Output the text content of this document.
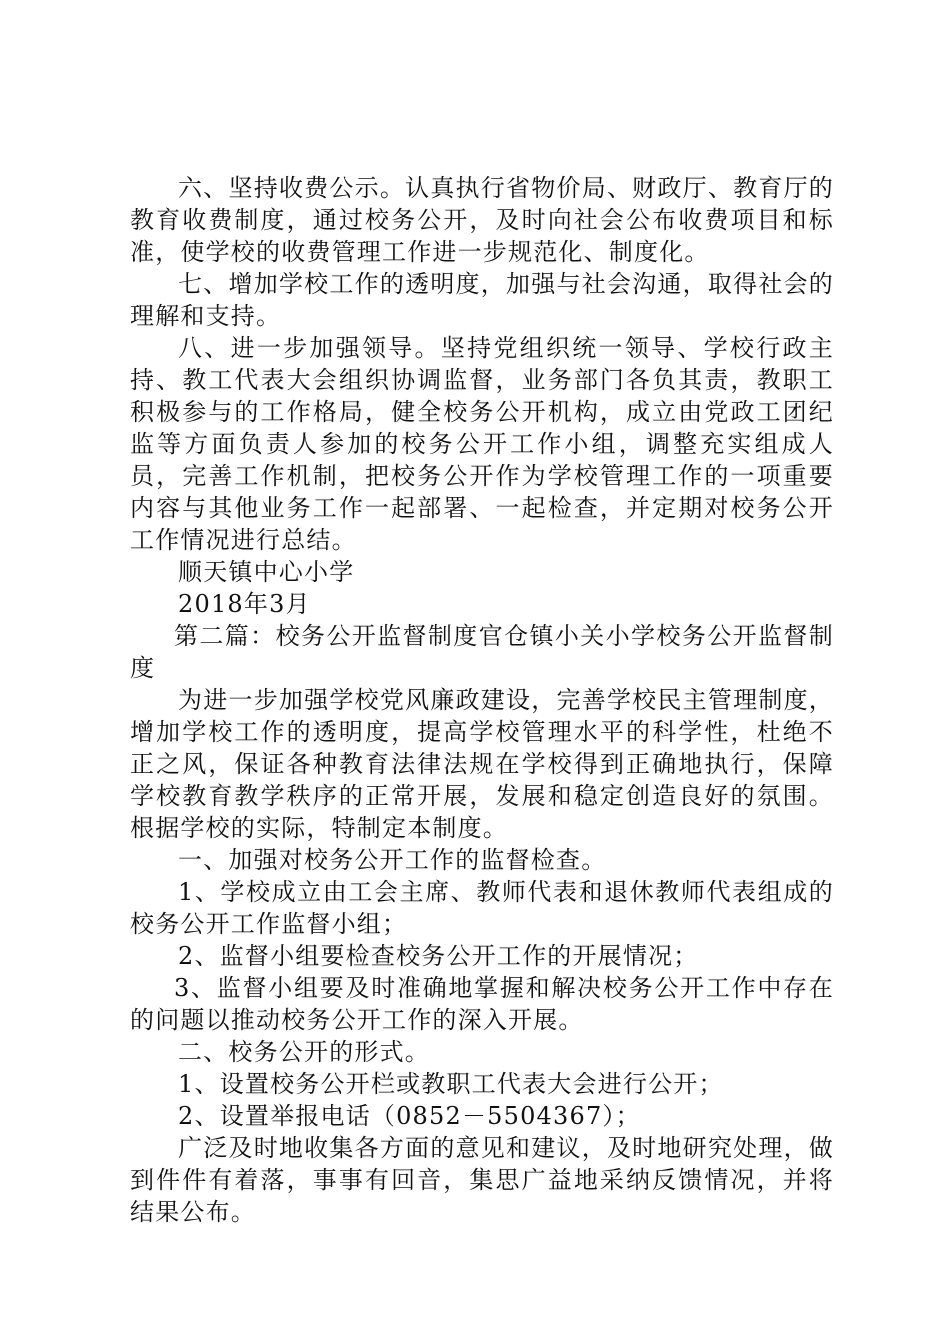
六、坚持收费公示。认真执行省物价局、财政厅、教育厅的教育收费制度，通过校务公开，及时向社会公布收费项目和标准，使学校的收费管理工作进一步规范化、制度化。

七、增加学校工作的透明度，加强与社会沟通，取得社会的理解和支持。

八、进一步加强领导。坚持党组织统一领导、学校行政主持、教工代表大会组织协调监督，业务部门各负其责，教职工积极参与的工作格局，健全校务公开机构，成立由党政工团纪监等方面负责人参加的校务公开工作小组，调整充实组成人员，完善工作机制，把校务公开作为学校管理工作的一项重要内容与其他业务工作一起部署、一起检查，并定期对校务公开工作情况进行总结。

顺天镇中心小学

2018年3月

第二篇：校务公开监督制度官仓镇小关小学校务公开监督制度

为进一步加强学校党风廉政建设，完善学校民主管理制度，增加学校工作的透明度，提高学校管理水平的科学性，杜绝不正之风，保证各种教育法律法规在学校得到正确地执行，保障学校教育教学秩序的正常开展，发展和稳定创造良好的氛围。根据学校的实际，特制定本制度。

一、加强对校务公开工作的监督检查。

1、学校成立由工会主席、教师代表和退休教师代表组成的校务公开工作监督小组；

2、监督小组要检查校务公开工作的开展情况；

3、监督小组要及时准确地掌握和解决校务公开工作中存在的问题以推动校务公开工作的深入开展。

二、校务公开的形式。

1、设置校务公开栏或教职工代表大会进行公开；

2、设置举报电话（0852－5504367）；

广泛及时地收集各方面的意见和建议，及时地研究处理，做到件件有着落，事事有回音，集思广益地采纳反馈情况，并将结果公布。
